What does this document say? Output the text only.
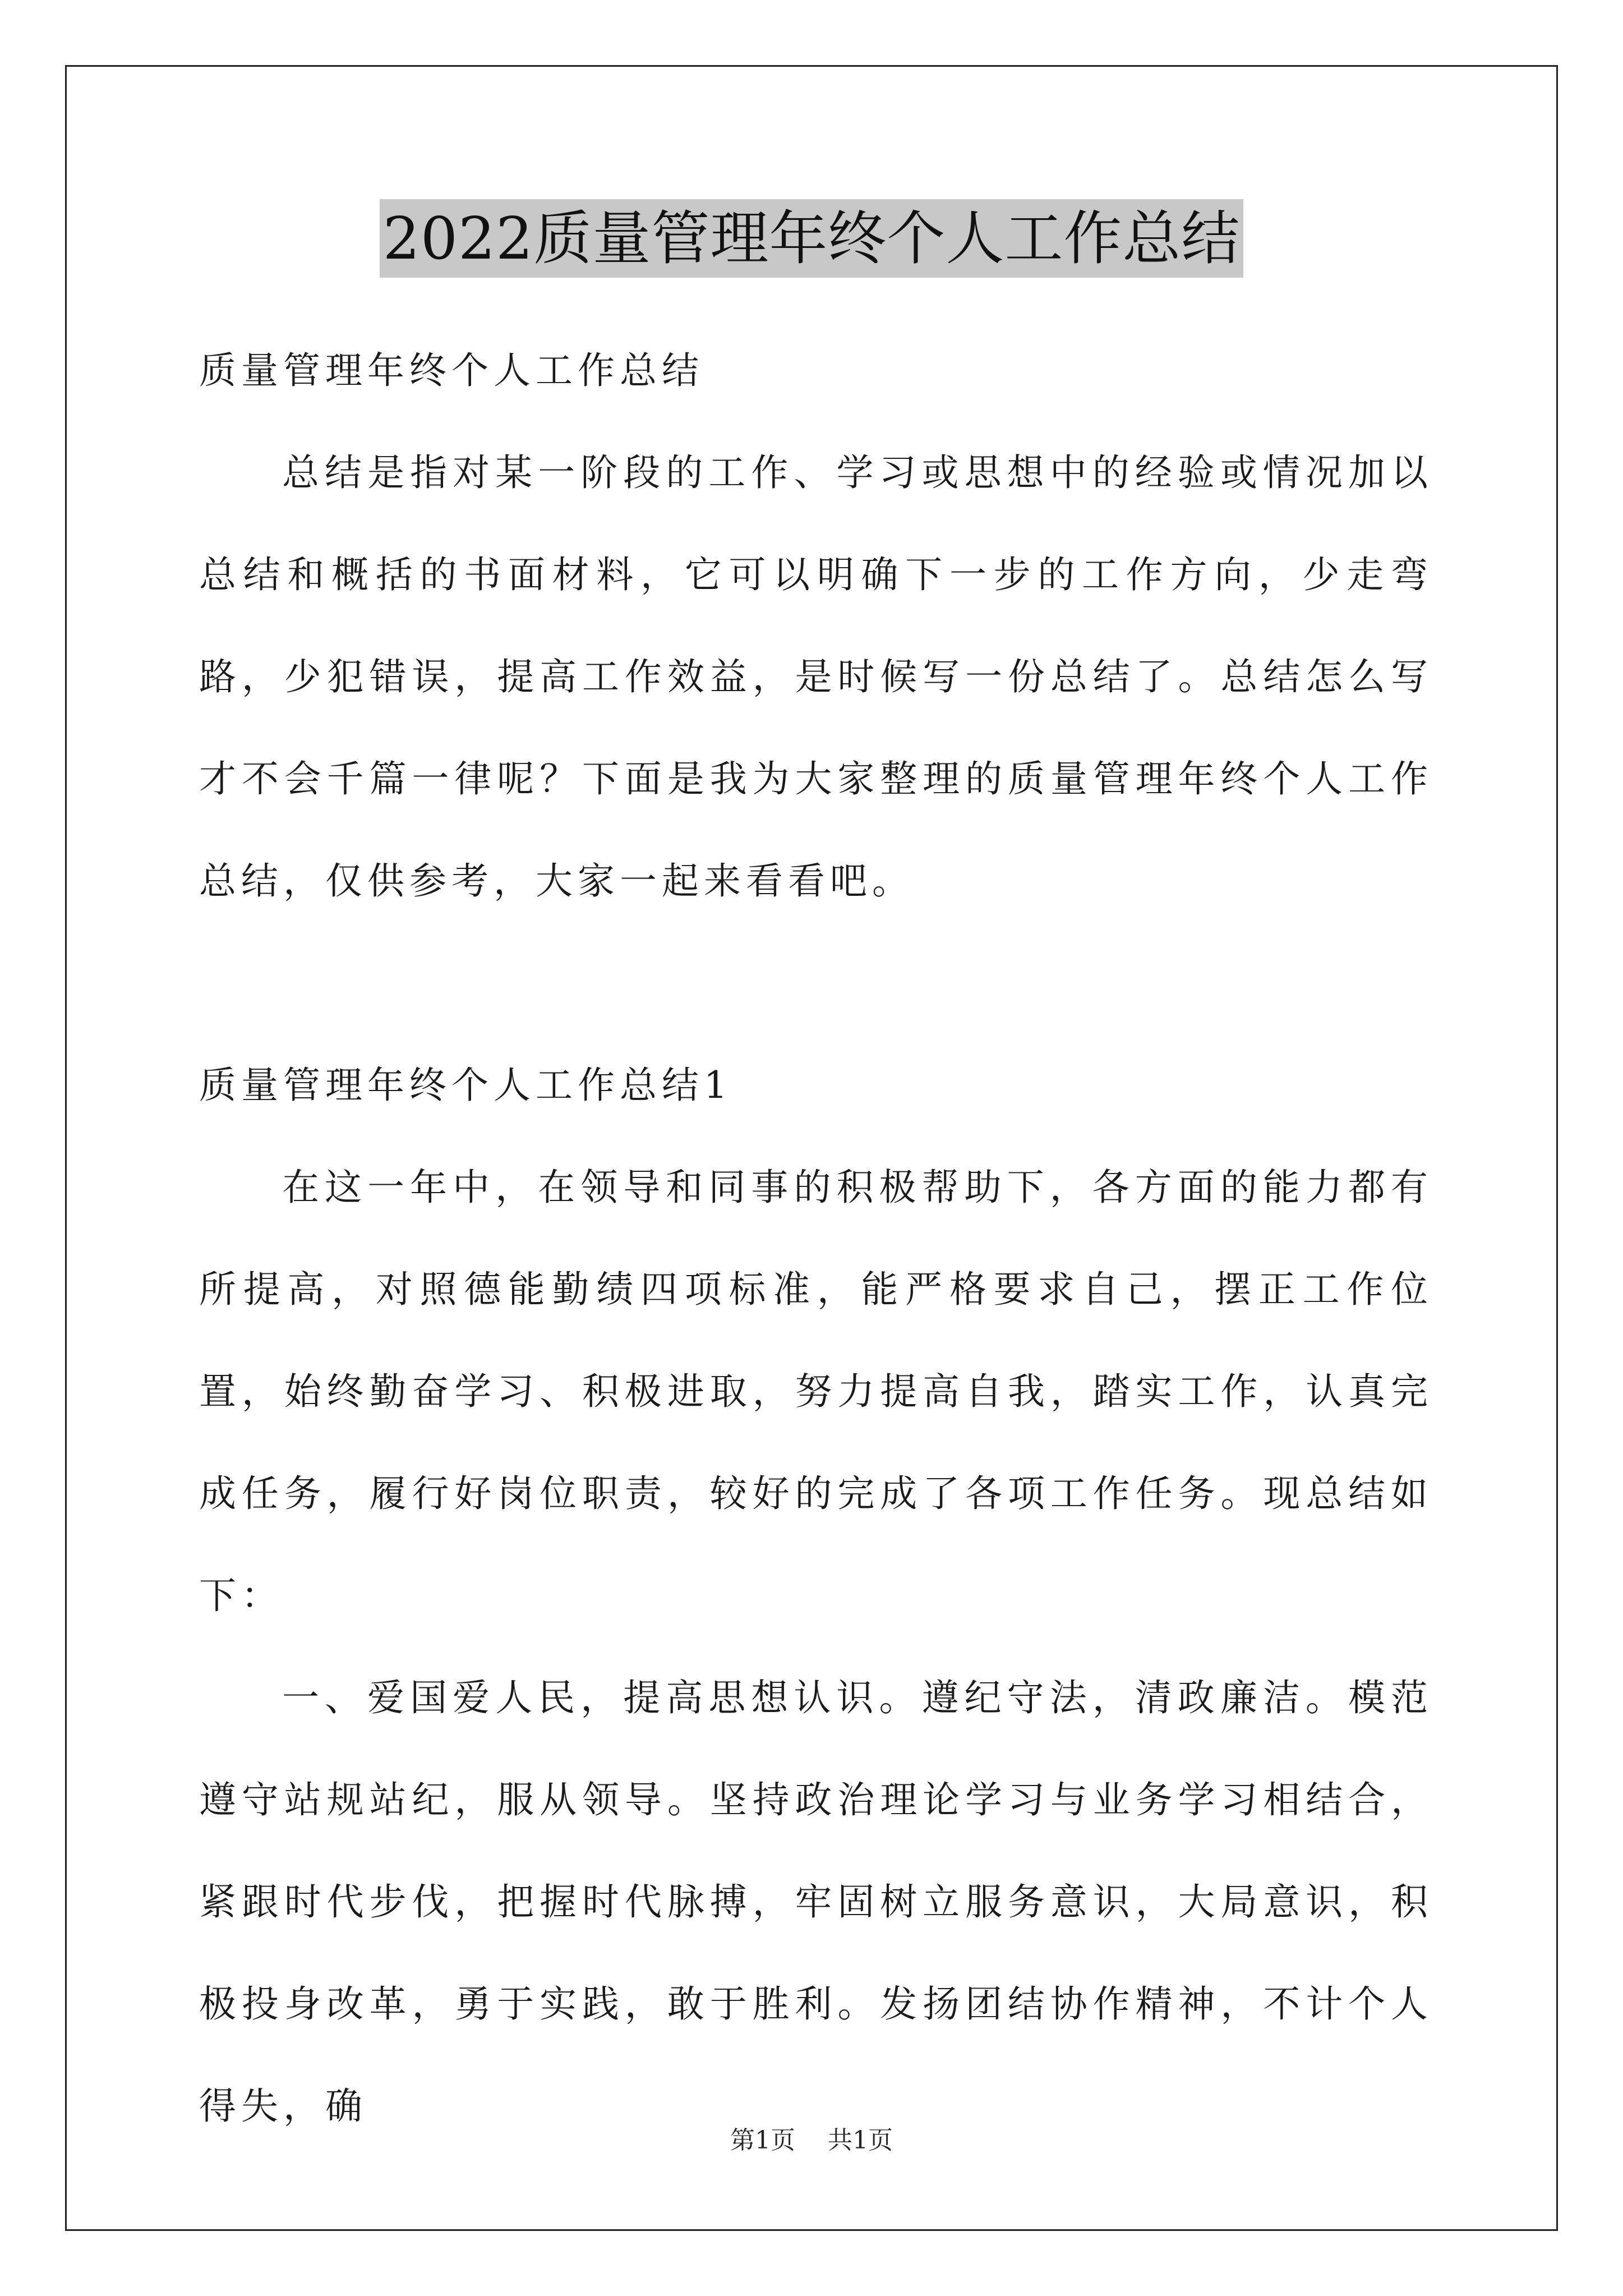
2022质量管理年终个人工作总结

质量管理年终个人工作总结

总结是指对某一阶段的工作、学习或思想中的经验或情况加以总结和概括的书面材料，它可以明确下一步的工作方向，少走弯路，少犯错误，提高工作效益，是时候写一份总结了。总结怎么写才不会千篇一律呢？下面是我为大家整理的质量管理年终个人工作总结，仅供参考，大家一起来看看吧。

质量管理年终个人工作总结1

在这一年中，在领导和同事的积极帮助下，各方面的能力都有所提高，对照德能勤绩四项标准，能严格要求自己，摆正工作位置，始终勤奋学习、积极进取，努力提高自我，踏实工作，认真完成任务，履行好岗位职责，较好的完成了各项工作任务。现总结如下：

一、爱国爱人民，提高思想认识。遵纪守法，清政廉洁。模范遵守站规站纪，服从领导。坚持政治理论学习与业务学习相结合，紧跟时代步伐，把握时代脉搏，牢固树立服务意识，大局意识，积极投身改革，勇于实践，敢于胜利。发扬团结协作精神，不计个人得失，确

第1页 共1页
